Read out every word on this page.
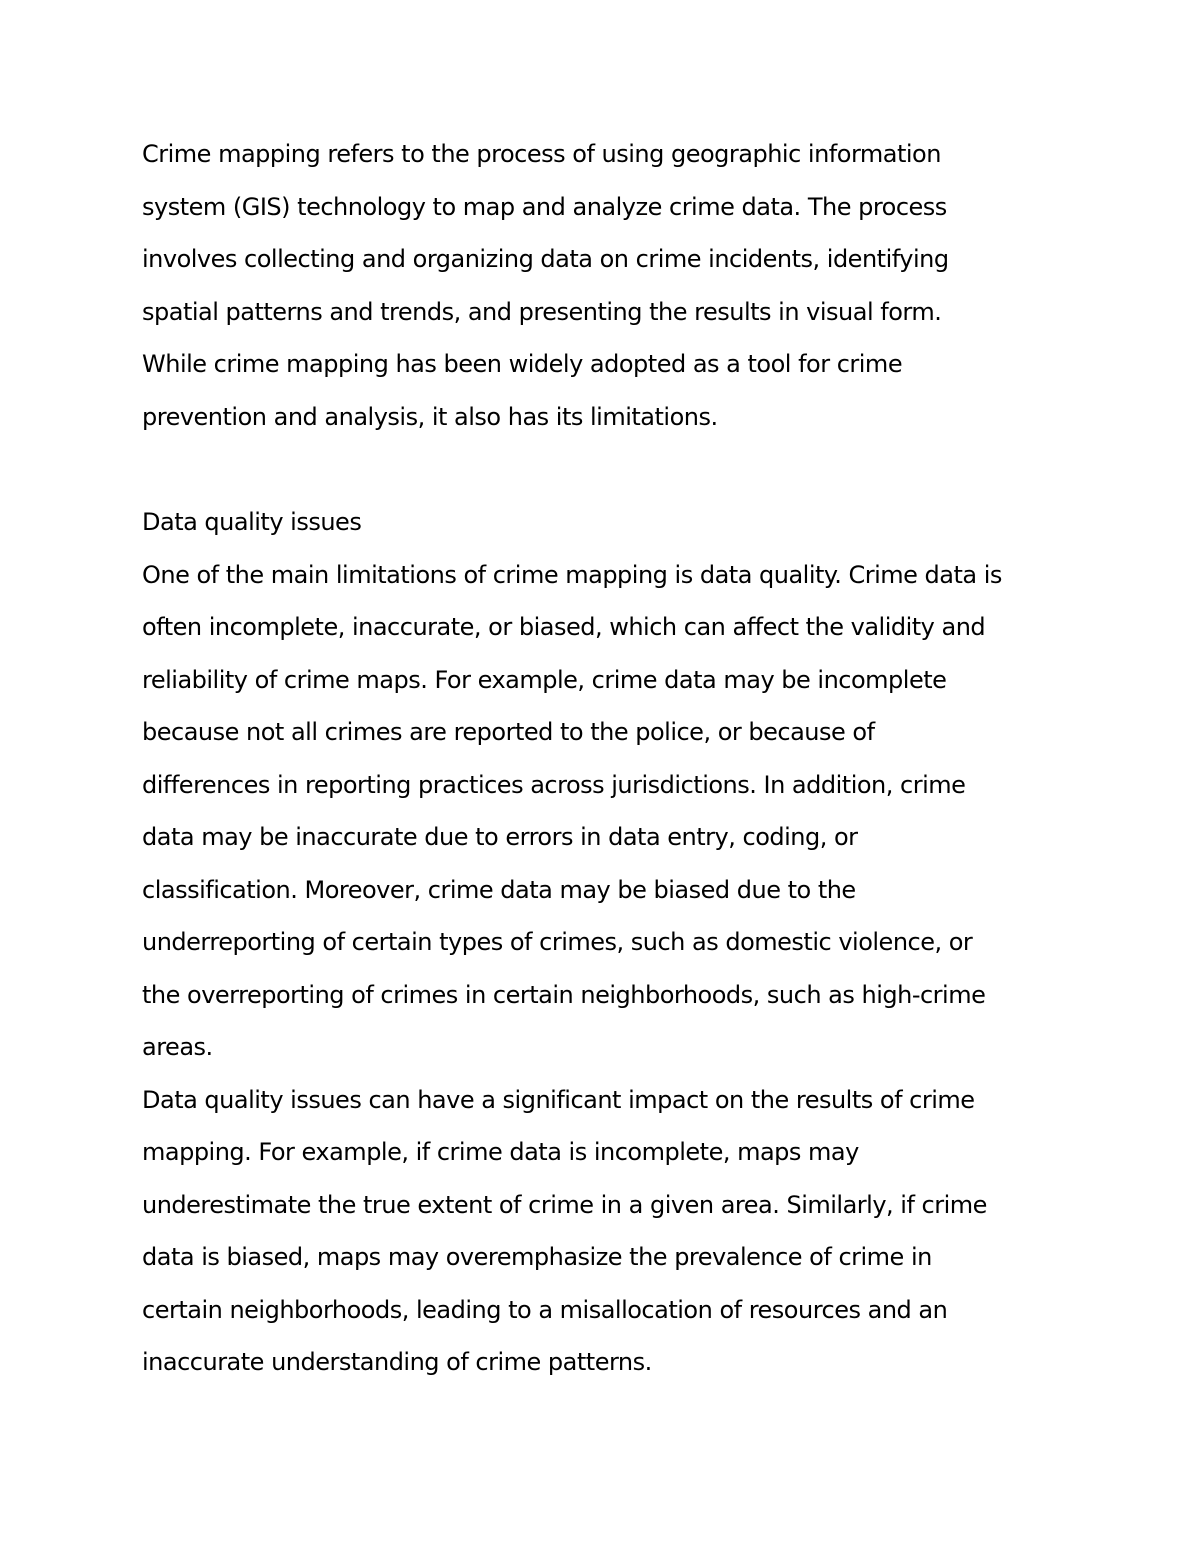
Crime mapping refers to the process of using geographic information

system (GIS) technology to map and analyze crime data. The process

involves collecting and organizing data on crime incidents, identifying

spatial patterns and trends, and presenting the results in visual form.

While crime mapping has been widely adopted as a tool for crime

prevention and analysis, it also has its limitations.

Data quality issues

One of the main limitations of crime mapping is data quality. Crime data is

often incomplete, inaccurate, or biased, which can affect the validity and

reliability of crime maps. For example, crime data may be incomplete

because not all crimes are reported to the police, or because of

differences in reporting practices across jurisdictions. In addition, crime

data may be inaccurate due to errors in data entry, coding, or

classification. Moreover, crime data may be biased due to the

underreporting of certain types of crimes, such as domestic violence, or

the overreporting of crimes in certain neighborhoods, such as high-crime

areas.

Data quality issues can have a significant impact on the results of crime

mapping. For example, if crime data is incomplete, maps may

underestimate the true extent of crime in a given area. Similarly, if crime

data is biased, maps may overemphasize the prevalence of crime in

certain neighborhoods, leading to a misallocation of resources and an

inaccurate understanding of crime patterns.
